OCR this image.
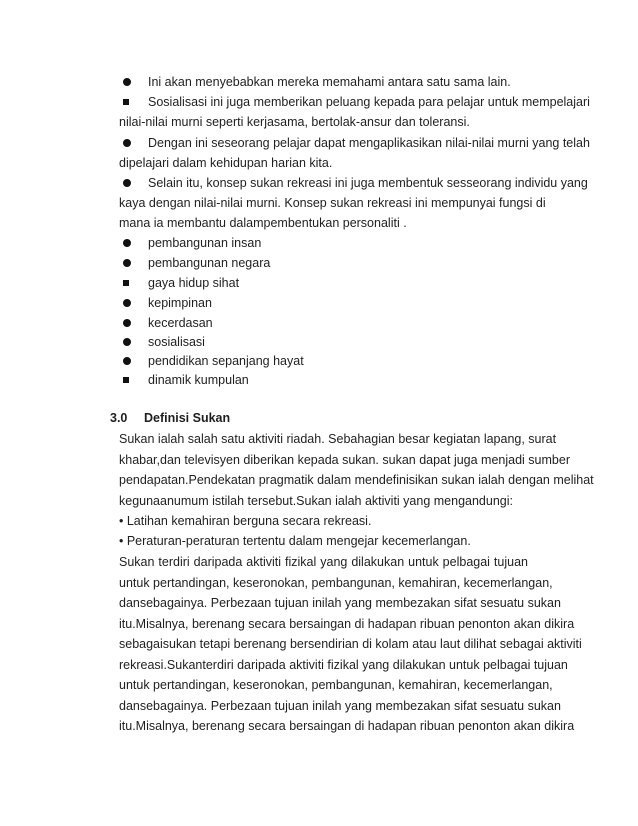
Ini akan menyebabkan mereka memahami antara satu sama lain.
Sosialisasi ini juga memberikan peluang kepada para pelajar untuk mempelajari
nilai-nilai murni seperti kerjasama, bertolak-ansur dan toleransi.
Dengan ini seseorang pelajar dapat mengaplikasikan nilai-nilai murni yang telah
dipelajari dalam kehidupan harian kita.
Selain itu, konsep sukan rekreasi ini juga membentuk sesseorang individu yang
kaya dengan nilai-nilai murni. Konsep sukan rekreasi ini mempunyai fungsi di
mana ia membantu dalampembentukan personaliti .
pembangunan insan
pembangunan negara
gaya hidup sihat
kepimpinan
kecerdasan
sosialisasi
pendidikan sepanjang hayat
dinamik kumpulan
3.0 Definisi Sukan
Sukan ialah salah satu aktiviti riadah. Sebahagian besar kegiatan lapang, surat
khabar,dan televisyen diberikan kepada sukan. sukan dapat juga menjadi sumber
pendapatan.Pendekatan pragmatik dalam mendefinisikan sukan ialah dengan melihat
kegunaanumum istilah tersebut.Sukan ialah aktiviti yang mengandungi:
• Latihan kemahiran berguna secara rekreasi.
• Peraturan-peraturan tertentu dalam mengejar kecemerlangan.
Sukan terdiri daripada aktiviti fizikal yang dilakukan untuk pelbagai tujuan
untuk pertandingan, keseronokan, pembangunan, kemahiran, kecemerlangan,
dansebagainya. Perbezaan tujuan inilah yang membezakan sifat sesuatu sukan
itu.Misalnya, berenang secara bersaingan di hadapan ribuan penonton akan dikira
sebagaisukan tetapi berenang bersendirian di kolam atau laut dilihat sebagai aktiviti
rekreasi.Sukanterdiri daripada aktiviti fizikal yang dilakukan untuk pelbagai tujuan
untuk pertandingan, keseronokan, pembangunan, kemahiran, kecemerlangan,
dansebagainya. Perbezaan tujuan inilah yang membezakan sifat sesuatu sukan
itu.Misalnya, berenang secara bersaingan di hadapan ribuan penonton akan dikira
